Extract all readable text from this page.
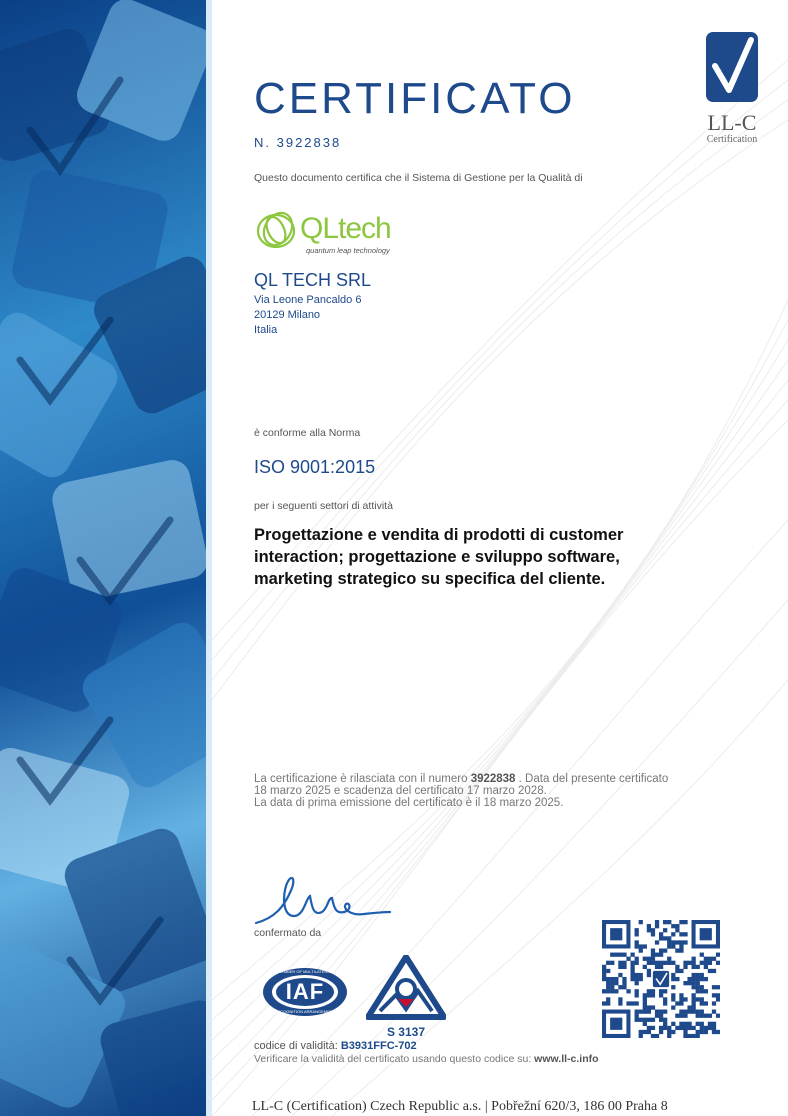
LL-C
Certification
CERTIFICATO
N. 3922838
Questo documento certifica che il Sistema di Gestione per la Qualità di
QLtech
quantum leap technology
QL TECH SRL
Via Leone Pancaldo 6
20129 Milano
Italia
è conforme alla Norma
ISO 9001:2015
per i seguenti settori di attività
Progettazione e vendita di prodotti di customer
interaction; progettazione e sviluppo software,
marketing strategico su specifica del cliente.
La certificazione è rilasciata con il numero 3922838 . Data del presente certificato
18 marzo 2025 e scadenza del certificato 17 marzo 2028.
La data di prima emissione del certificato è il 18 marzo 2025.
confermato da
IAF
MEMBER OF MULTILATERAL
RECOGNITION ARRANGEMENT
S 3137
codice di validità: B3931FFC-702
Verificare la validità del certificato usando questo codice su: www.ll-c.info
LL-C (Certification) Czech Republic a.s. | Pobřežní 620/3, 186 00 Praha 8
